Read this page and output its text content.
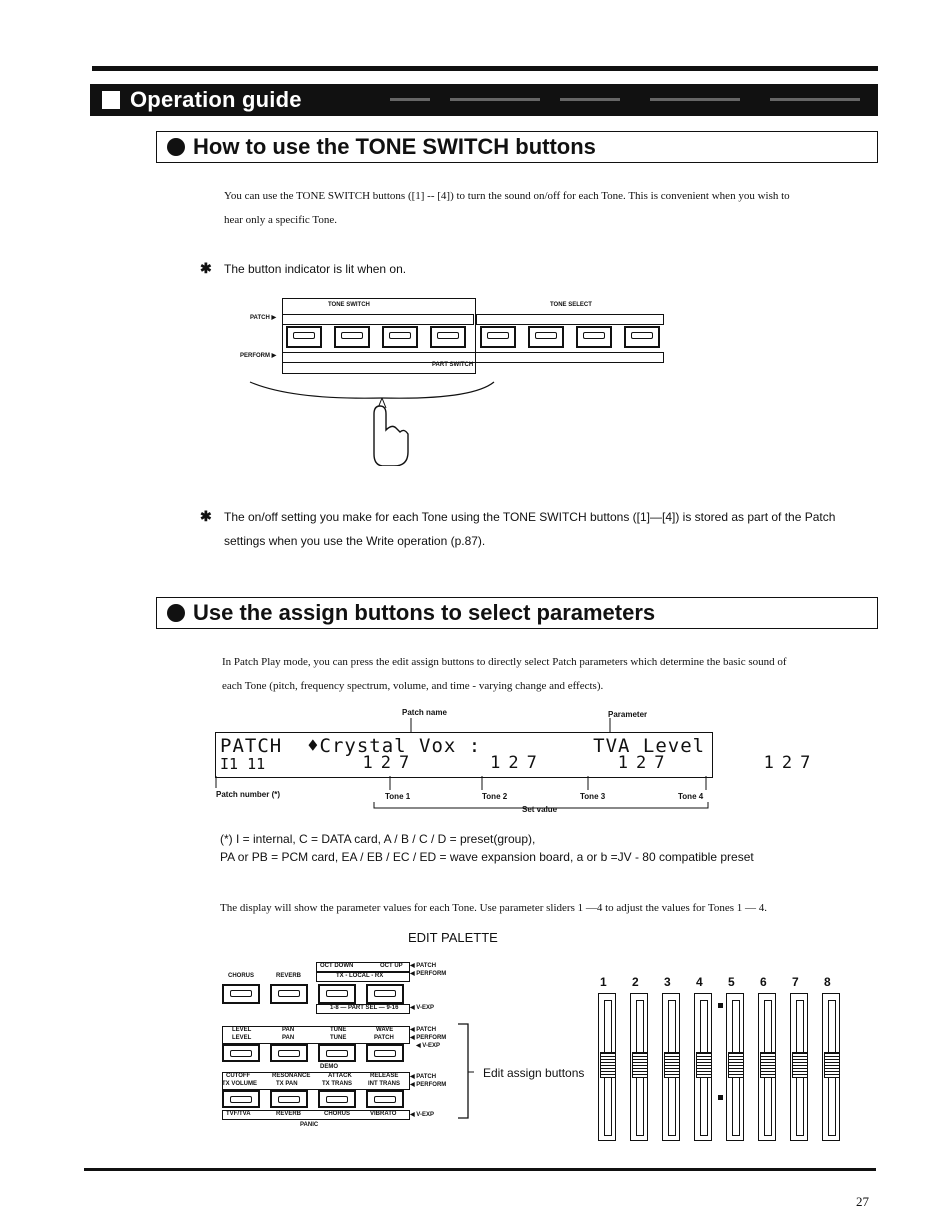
Operation guide
How to use the TONE SWITCH buttons
You can use the TONE SWITCH buttons ([1] -- [4]) to turn the sound on/off for each Tone. This is convenient when you wish to
hear only a specific Tone.
✱ The button indicator is lit when on.
TONE SWITCH	TONE SELECT
PATCH ▶
PERFORM ▶
PART SWITCH
✱ The on/off setting you make for each Tone using the TONE SWITCH buttons ([1]—[4]) is stored as part of the Patch
settings when you use the Write operation (p.87).
Use the assign buttons to select parameters
In Patch Play mode, you can press the edit assign buttons to directly select Patch parameters which determine the basic sound of
each Tone (pitch, frequency spectrum, volume, and time - varying change and effects).
Patch name	Parameter
PATCH  ♦Crystal Vox :         TVA Level
I1 11	127    127    127     127
Patch number (*)	Tone 1	Tone 2	Tone 3	Tone 4
Set value
(*) I = internal, C = DATA card, A / B / C / D = preset(group),
PA or PB = PCM card, EA / EB / EC / ED = wave expansion board, a or b =JV - 80 compatible preset
The display will show the parameter values for each Tone. Use parameter sliders 1 —4 to adjust the values for Tones 1 — 4.
EDIT PALETTE
CHORUS	REVERB
OCT DOWN	OCT UP
TX - LOCAL - RX
◀ PATCH
◀ PERFORM
1-8 — PART SEL — 9-16 ◀ V-EXP
LEVEL	PAN	TUNE	WAVE
LEVEL	PAN	TUNE	PATCH
◀ PATCH
◀ PERFORM
◀ V-EXP
DEMO
CUTOFF	RESONANCE	ATTACK	RELEASE
TX VOLUME	TX PAN	TX TRANS	INT TRANS
◀ PATCH
◀ PERFORM
TVF/TVA	REVERB	CHORUS	VIBRATO ◀ V-EXP
PANIC
Edit assign buttons
1 2 3 4 5 6 7 8
27
